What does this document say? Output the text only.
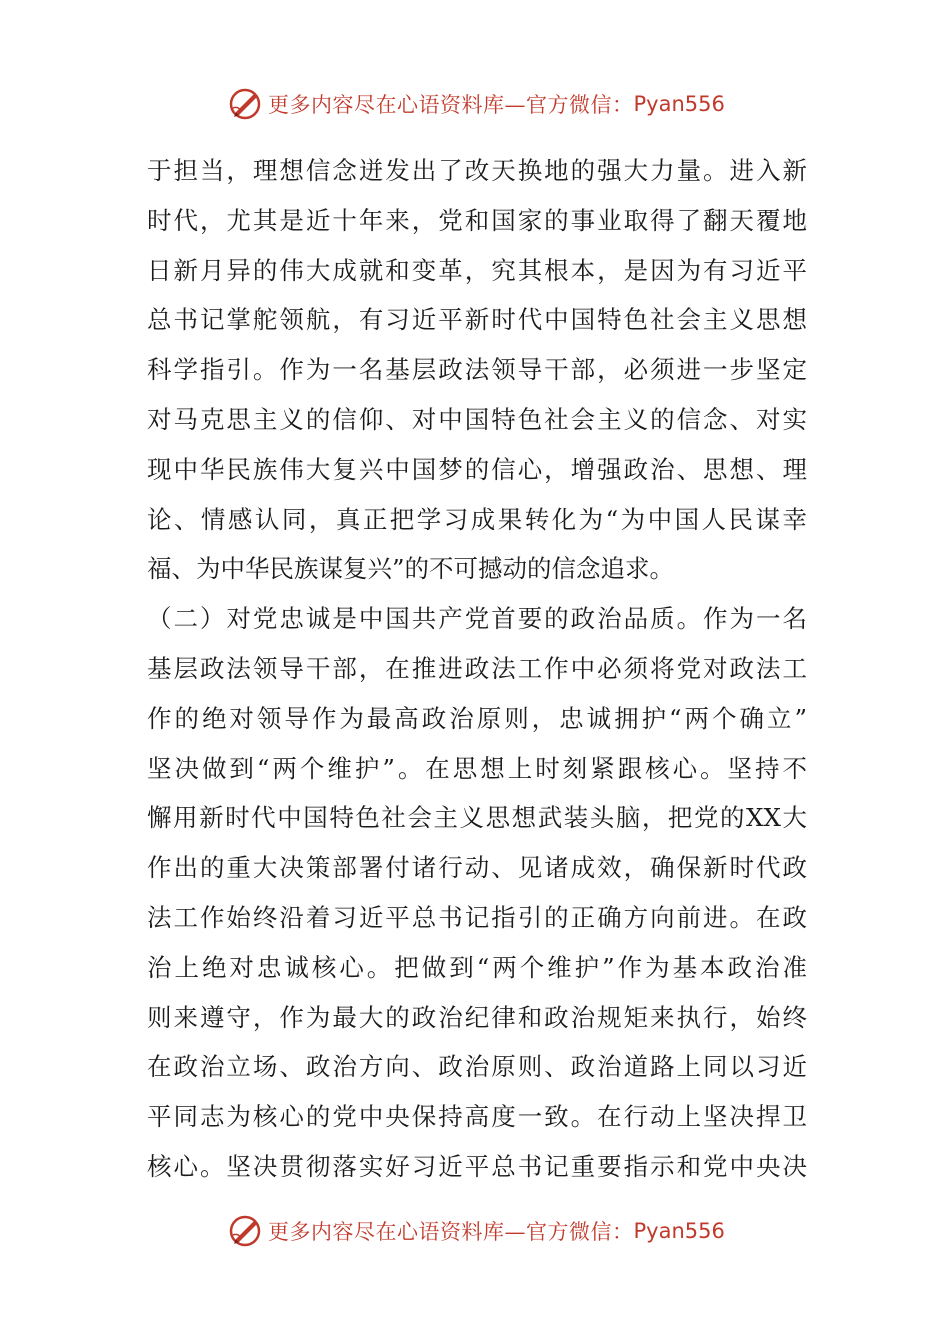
更多内容尽在心语资料库—官方微信： Pyan556
于担当，理想信念迸发出了改天换地的强大力量。进入新
时代，尤其是近十年来，党和国家的事业取得了翻天覆地
日新月异的伟大成就和变革，究其根本，是因为有习近平
总书记掌舵领航，有习近平新时代中国特色社会主义思想
科学指引。作为一名基层政法领导干部，必须进一步坚定
对马克思主义的信仰、对中国特色社会主义的信念、对实
现中华民族伟大复兴中国梦的信心，增强政治、思想、理
论、情感认同，真正把学习成果转化为“为中国人民谋幸
福、为中华民族谋复兴”的不可撼动的信念追求。
（二）对党忠诚是中国共产党首要的政治品质。作为一名
基层政法领导干部，在推进政法工作中必须将党对政法工
作的绝对领导作为最高政治原则，忠诚拥护“两个确立”
坚决做到“两个维护”。在思想上时刻紧跟核心。坚持不
懈用新时代中国特色社会主义思想武装头脑，把党的XX大
作出的重大决策部署付诸行动、见诸成效，确保新时代政
法工作始终沿着习近平总书记指引的正确方向前进。在政
治上绝对忠诚核心。把做到“两个维护”作为基本政治准
则来遵守，作为最大的政治纪律和政治规矩来执行，始终
在政治立场、政治方向、政治原则、政治道路上同以习近
平同志为核心的党中央保持高度一致。在行动上坚决捍卫
核心。坚决贯彻落实好习近平总书记重要指示和党中央决
更多内容尽在心语资料库—官方微信： Pyan556
